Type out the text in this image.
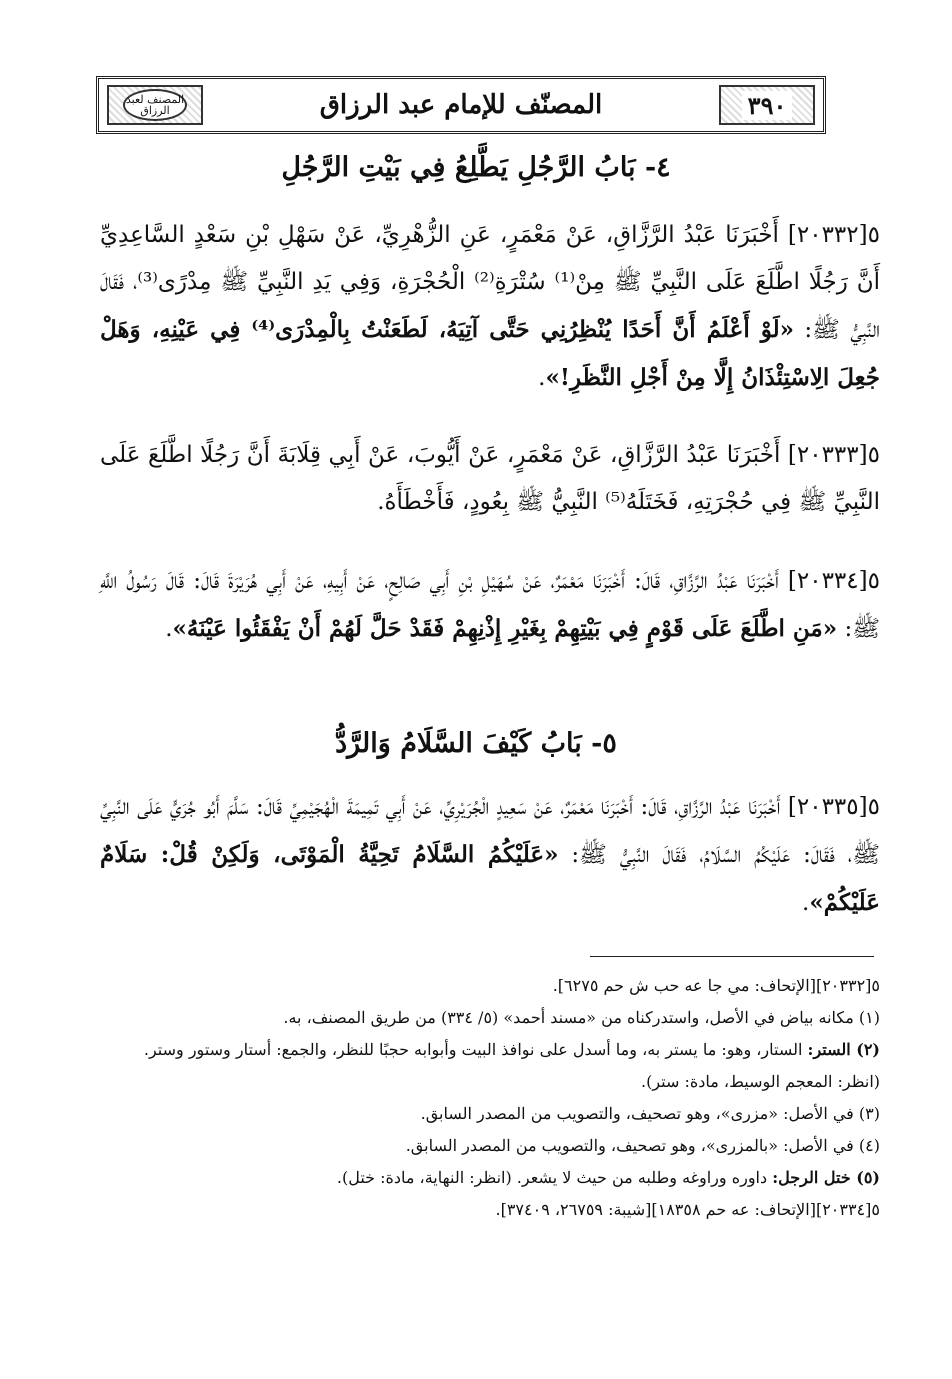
٣٩٠
المصنّف للإمام عبد الرزاق
المصنف لعبد الرزاق
٤- بَابُ الرَّجُلِ يَطَّلِعُ فِي بَيْتِ الرَّجُلِ
٥[٢٠٣٣٢] أَخْبَرَنَا عَبْدُ الرَّزَّاقِ، عَنْ مَعْمَرٍ، عَنِ الزُّهْرِيِّ، عَنْ سَهْلِ بْنِ سَعْدٍ السَّاعِدِيِّ أَنَّ رَجُلًا اطَّلَعَ عَلَى النَّبِيِّ ﷺ مِنْ⁽¹⁾ سُتْرَةِ⁽²⁾ الْحُجْرَةِ، وَفِي يَدِ النَّبِيِّ ﷺ مِدْرًى⁽³⁾، فَقَالَ النَّبِيُّ ﷺ: «لَوْ أَعْلَمُ أَنَّ أَحَدًا يُنْظِرُنِي حَتَّى آتِيَهُ، لَطَعَنْتُ بِالْمِدْرَى⁽⁴⁾ فِي عَيْنِهِ، وَهَلْ جُعِلَ الِاسْتِئْذَانُ إِلَّا مِنْ أَجْلِ النَّظَرِ!».
٥[٢٠٣٣٣] أَخْبَرَنَا عَبْدُ الرَّزَّاقِ، عَنْ مَعْمَرٍ، عَنْ أَيُّوبَ، عَنْ أَبِي قِلَابَةَ أَنَّ رَجُلًا اطَّلَعَ عَلَى النَّبِيِّ ﷺ فِي حُجْرَتِهِ، فَخَتَلَهُ⁽⁵⁾ النَّبِيُّ ﷺ بِعُودٍ، فَأَخْطَأَهُ.
٥[٢٠٣٣٤] أَخْبَرَنَا عَبْدُ الرَّزَّاقِ، قَالَ: أَخْبَرَنَا مَعْمَرٌ، عَنْ سُهَيْلِ بْنِ أَبِي صَالِحٍ، عَنْ أَبِيهِ، عَنْ أَبِي هُرَيْرَةَ قَالَ: قَالَ رَسُولُ اللَّهِ ﷺ: «مَنِ اطَّلَعَ عَلَى قَوْمٍ فِي بَيْتِهِمْ بِغَيْرِ إِذْنِهِمْ فَقَدْ حَلَّ لَهُمْ أَنْ يَفْقَئُوا عَيْنَهُ».
٥- بَابُ كَيْفَ السَّلَامُ وَالرَّدُّ
٥[٢٠٣٣٥] أَخْبَرَنَا عَبْدُ الرَّزَّاقِ، قَالَ: أَخْبَرَنَا مَعْمَرٌ، عَنْ سَعِيدٍ الْجُرَيْرِيِّ، عَنْ أَبِي تَمِيمَةَ الْهُجَيْمِيِّ قَالَ: سَلَّمَ أَبُو جُرَيٍّ عَلَى النَّبِيِّ ﷺ، فَقَالَ: عَلَيْكُمُ السَّلَامُ، فَقَالَ النَّبِيُّ ﷺ: «عَلَيْكُمُ السَّلَامُ تَحِيَّةُ الْمَوْتَى، وَلَكِنْ قُلْ: سَلَامٌ عَلَيْكُمْ».
٥[٢٠٣٣٢][الإتحاف: مي جا عه حب ش حم ٦٢٧٥].
(١) مكانه بياض في الأصل، واستدركناه من «مسند أحمد» (٥/ ٣٣٤) من طريق المصنف، به.
(٢) الستر: الستار، وهو: ما يستر به، وما أسدل على نوافذ البيت وأبوابه حجبًا للنظر، والجمع: أستار وستور وستر. (انظر: المعجم الوسيط، مادة: ستر).
(٣) في الأصل: «مزرى»، وهو تصحيف، والتصويب من المصدر السابق.
(٤) في الأصل: «بالمزرى»، وهو تصحيف، والتصويب من المصدر السابق.
(٥) ختل الرجل: داوره وراوغه وطلبه من حيث لا يشعر. (انظر: النهاية، مادة: ختل).
٥[٢٠٣٣٤][الإتحاف: عه حم ١٨٣٥٨][شيبة: ٢٦٧٥٩، ٣٧٤٠٩].
